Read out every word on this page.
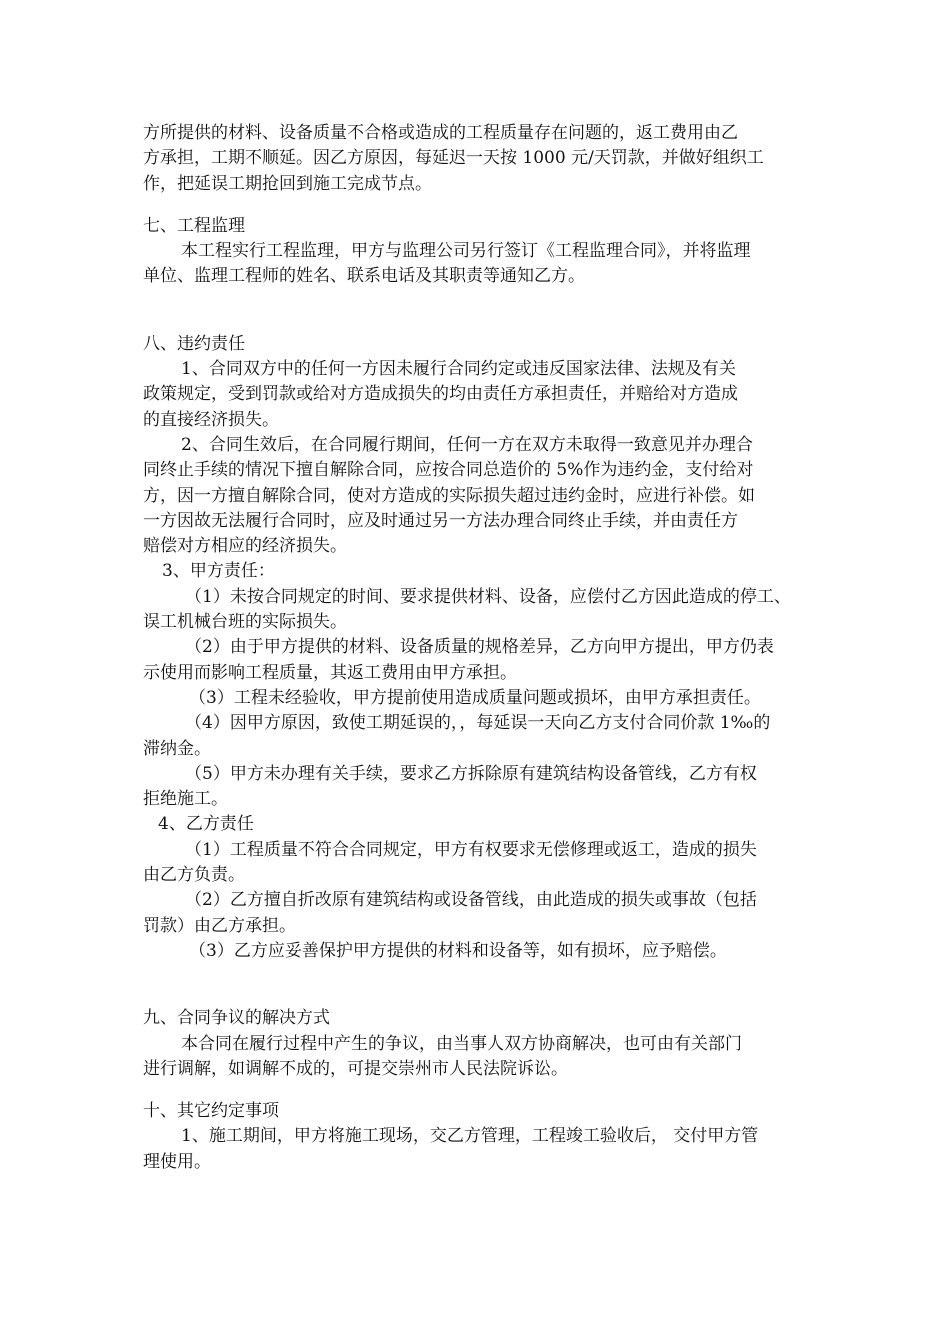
方所提供的材料、设备质量不合格或造成的工程质量存在问题的，返工费用由乙
方承担，工期不顺延。因乙方原因，每延迟一天按 1000 元/天罚款，并做好组织工
作，把延误工期抢回到施工完成节点。
七、工程监理
本工程实行工程监理，甲方与监理公司另行签订《工程监理合同》，并将监理
单位、监理工程师的姓名、联系电话及其职责等通知乙方。
八、违约责任
1、合同双方中的任何一方因未履行合同约定或违反国家法律、法规及有关
政策规定，受到罚款或给对方造成损失的均由责任方承担责任，并赔给对方造成
的直接经济损失。
2、合同生效后，在合同履行期间，任何一方在双方未取得一致意见并办理合
同终止手续的情况下擅自解除合同，应按合同总造价的 5%作为违约金，支付给对
方，因一方擅自解除合同，使对方造成的实际损失超过违约金时，应进行补偿。如
一方因故无法履行合同时，应及时通过另一方法办理合同终止手续，并由责任方
赔偿对方相应的经济损失。
3、甲方责任：
（1）未按合同规定的时间、要求提供材料、设备，应偿付乙方因此造成的停工、
误工机械台班的实际损失。
（2）由于甲方提供的材料、设备质量的规格差异，乙方向甲方提出，甲方仍表
示使用而影响工程质量，其返工费用由甲方承担。
（3）工程未经验收，甲方提前使用造成质量问题或损坏，由甲方承担责任。
（4）因甲方原因，致使工期延误的，，每延误一天向乙方支付合同价款 1‰的
滞纳金。
（5）甲方未办理有关手续，要求乙方拆除原有建筑结构设备管线，乙方有权
拒绝施工。
4、乙方责任
（1）工程质量不符合合同规定，甲方有权要求无偿修理或返工，造成的损失
由乙方负责。
（2）乙方擅自折改原有建筑结构或设备管线，由此造成的损失或事故（包括
罚款）由乙方承担。
（3）乙方应妥善保护甲方提供的材料和设备等，如有损坏，应予赔偿。
九、合同争议的解决方式
本合同在履行过程中产生的争议，由当事人双方协商解决，也可由有关部门
进行调解，如调解不成的，可提交崇州市人民法院诉讼。
十、其它约定事项
1、施工期间，甲方将施工现场，交乙方管理，工程竣工验收后， 交付甲方管
理使用。
